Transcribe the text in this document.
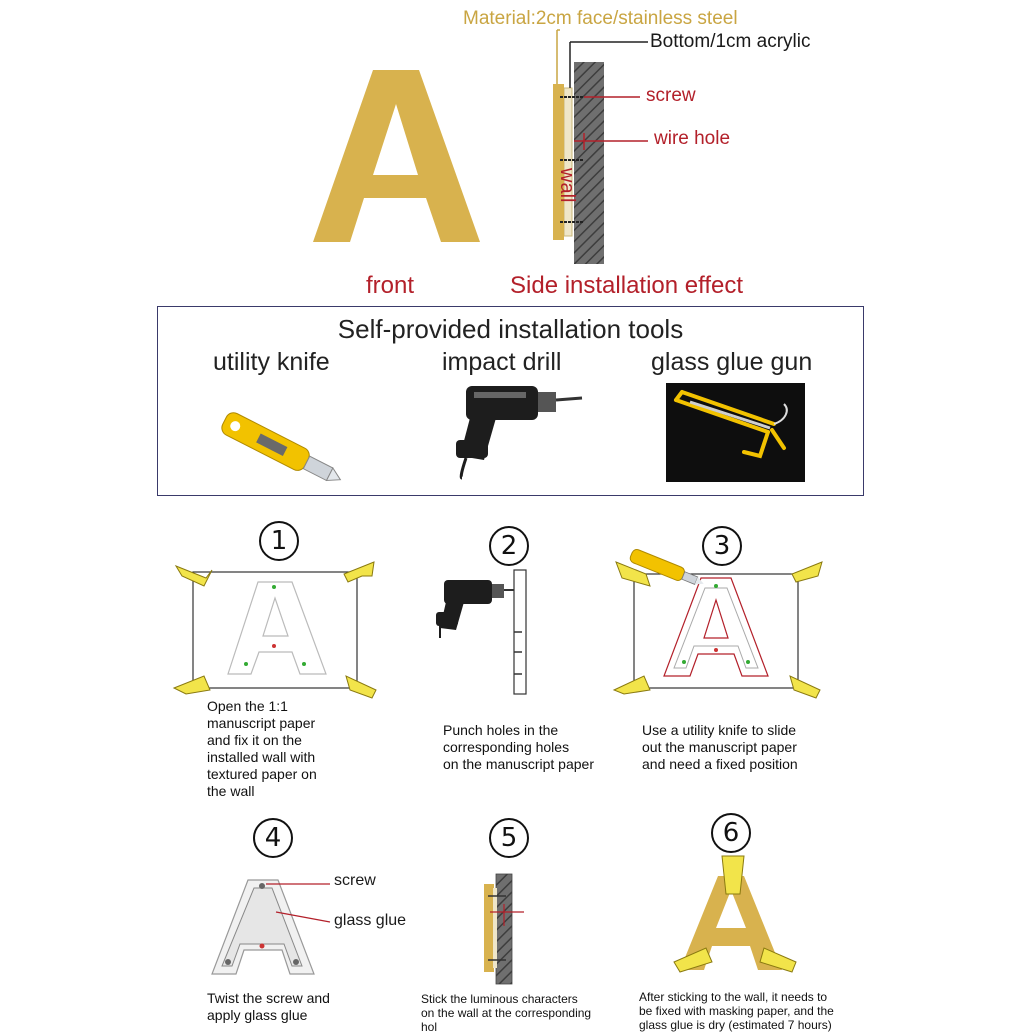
Material:2cm face/stainless steel
Bottom/1cm acrylic
screw
wire hole
wall
front	Side installation effect
Self-provided installation tools
utility knife	impact drill	glass glue gun
1	2	3
4	5	6
Open the 1:1
manuscript paper
and fix it on the
installed wall with
textured paper on
the wall
Punch holes in the
corresponding holes
on the manuscript paper
Use a utility knife to slide
out the manuscript paper
and need a fixed position
screw
glass glue
Twist the screw and
apply glass glue
Stick the luminous characters
on the wall at the corresponding
hol
After sticking to the wall, it needs to
be fixed with masking paper, and the
glass glue is dry (estimated 7 hours)
